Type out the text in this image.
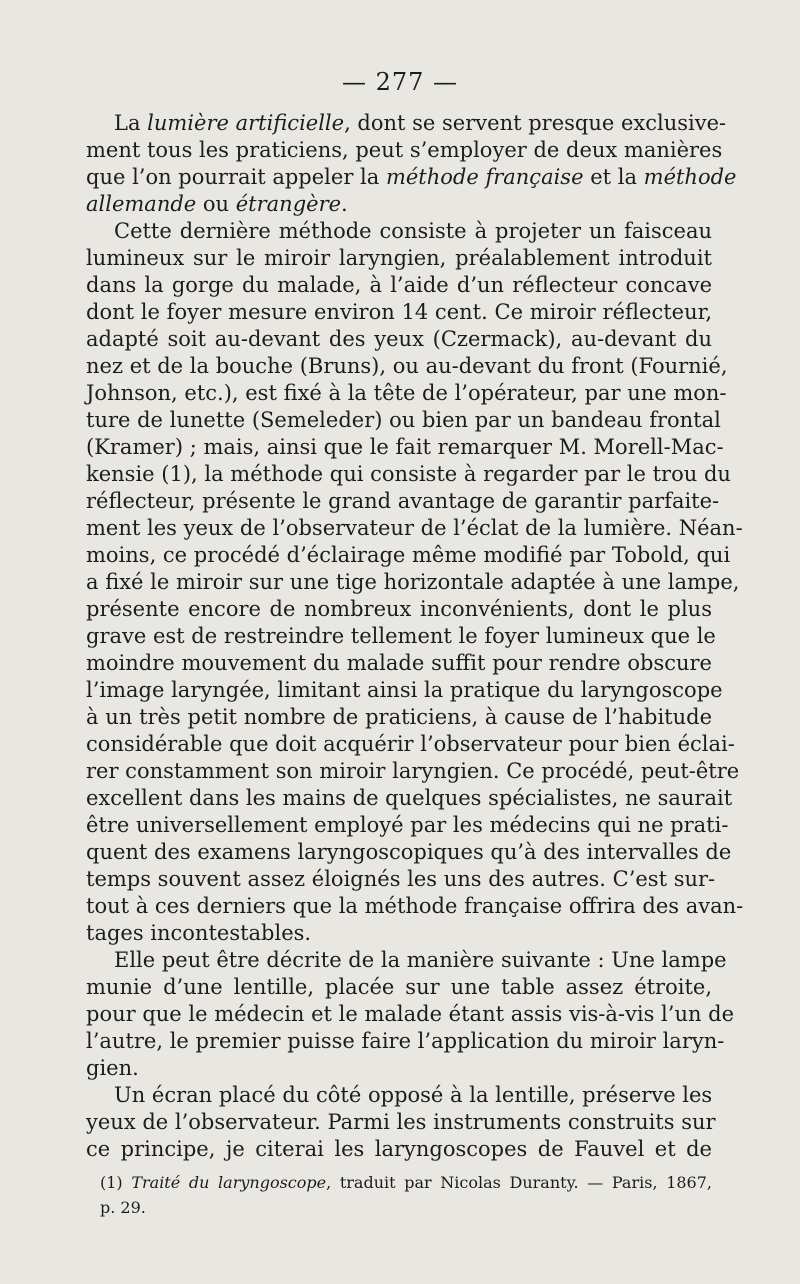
— 277 —
La lumière artificielle, dont se servent presque exclusive-
ment tous les praticiens, peut s’employer de deux manières
que l’on pourrait appeler la méthode française et la méthode
allemande ou étrangère.
Cette dernière méthode consiste à projeter un faisceau
lumineux sur le miroir laryngien, préalablement introduit
dans la gorge du malade, à l’aide d’un réflecteur concave
dont le foyer mesure environ 14 cent. Ce miroir réflecteur,
adapté soit au-devant des yeux (Czermack), au-devant du
nez et de la bouche (Bruns), ou au-devant du front (Fournié,
Johnson, etc.), est fixé à la tête de l’opérateur, par une mon-
ture de lunette (Semeleder) ou bien par un bandeau frontal
(Kramer) ; mais, ainsi que le fait remarquer M. Morell-Mac-
kensie (1), la méthode qui consiste à regarder par le trou du
réflecteur, présente le grand avantage de garantir parfaite-
ment les yeux de l’observateur de l’éclat de la lumière. Néan-
moins, ce procédé d’éclairage même modifié par Tobold, qui
a fixé le miroir sur une tige horizontale adaptée à une lampe,
présente encore de nombreux inconvénients, dont le plus
grave est de restreindre tellement le foyer lumineux que le
moindre mouvement du malade suffit pour rendre obscure
l’image laryngée, limitant ainsi la pratique du laryngoscope
à un très petit nombre de praticiens, à cause de l’habitude
considérable que doit acquérir l’observateur pour bien éclai-
rer constamment son miroir laryngien. Ce procédé, peut-être
excellent dans les mains de quelques spécialistes, ne saurait
être universellement employé par les médecins qui ne prati-
quent des examens laryngoscopiques qu’à des intervalles de
temps souvent assez éloignés les uns des autres. C’est sur-
tout à ces derniers que la méthode française offrira des avan-
tages incontestables.
Elle peut être décrite de la manière suivante : Une lampe
munie d’une lentille, placée sur une table assez étroite,
pour que le médecin et le malade étant assis vis-à-vis l’un de
l’autre, le premier puisse faire l’application du miroir laryn-
gien.
Un écran placé du côté opposé à la lentille, préserve les
yeux de l’observateur. Parmi les instruments construits sur
ce principe, je citerai les laryngoscopes de Fauvel et de
(1) Traité du laryngoscope, traduit par Nicolas Duranty. — Paris, 1867,
p. 29.
